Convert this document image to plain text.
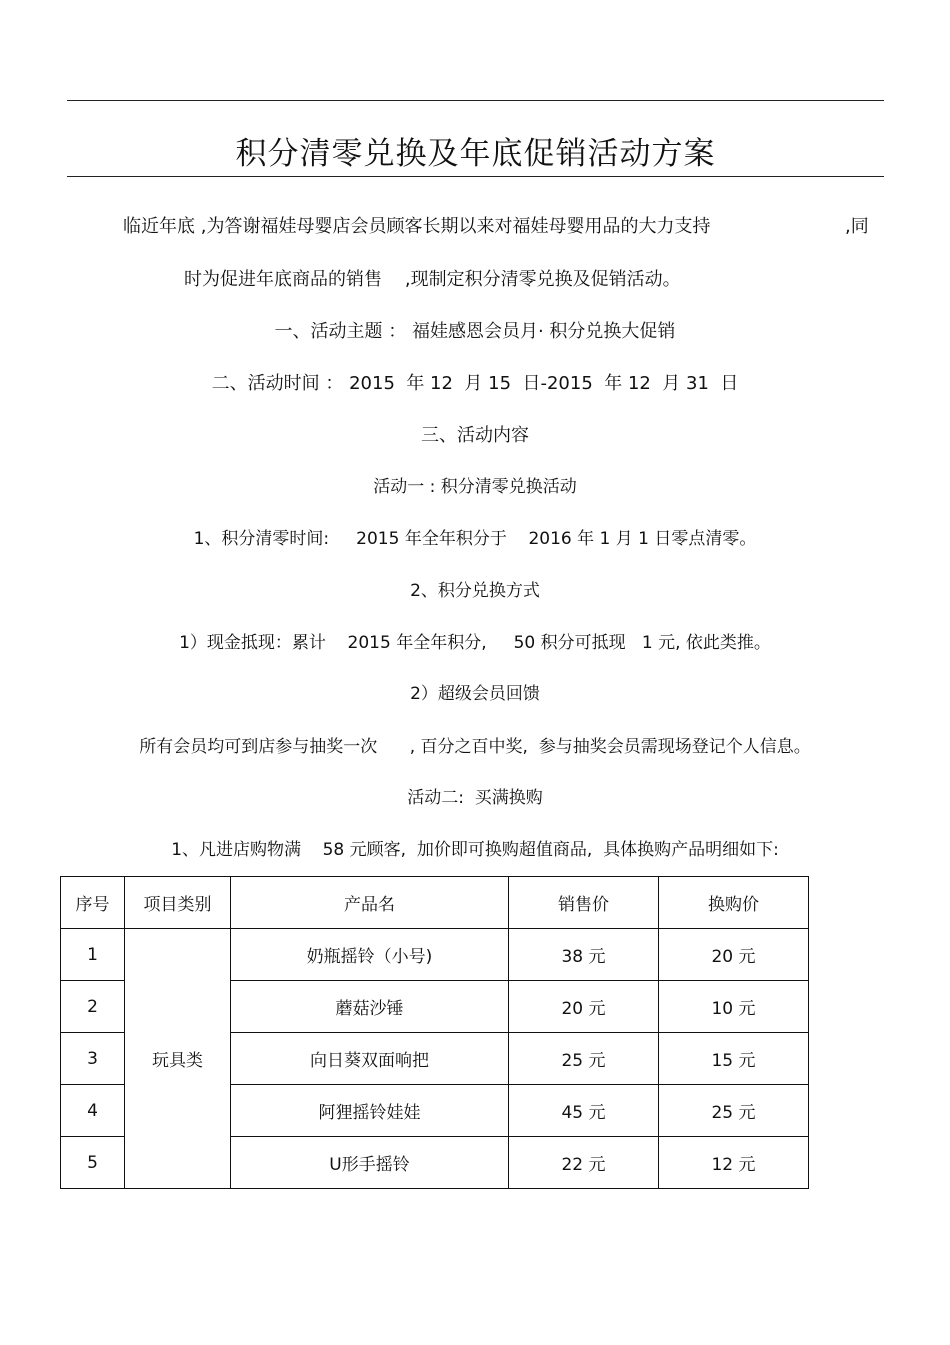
积分清零兑换及年底促销活动方案
临近年底 ,为答谢福娃母婴店会员顾客长期以来对福娃母婴用品的大力支持	,同
时为促进年底商品的销售    ,现制定积分清零兑换及促销活动。
一、活动主题 ： 福娃感恩会员月· 积分兑换大促销
二、活动时间 ： 2015  年 12  月 15  日-2015  年 12  月 31  日
三、活动内容
活动一 : 积分清零兑换活动
1、积分清零时间:     2015 年全年积分于    2016 年 1 月 1 日零点清零。
2、积分兑换方式
1）现金抵现：累计    2015 年全年积分,     50 积分可抵现   1 元, 依此类推。
2）超级会员回馈
所有会员均可到店参与抽奖一次      , 百分之百中奖,  参与抽奖会员需现场登记个人信息。
活动二:  买满换购
1、凡进店购物满    58 元顾客,  加价即可换购超值商品,  具体换购产品明细如下:
序号	项目类别	产品名	销售价	换购价
1	玩具类	奶瓶摇铃（小号)	38 元	20 元
2		蘑菇沙锤	20 元	10 元
3		向日葵双面响把	25 元	15 元
4		阿狸摇铃娃娃	45 元	25 元
5		U形手摇铃	22 元	12 元
